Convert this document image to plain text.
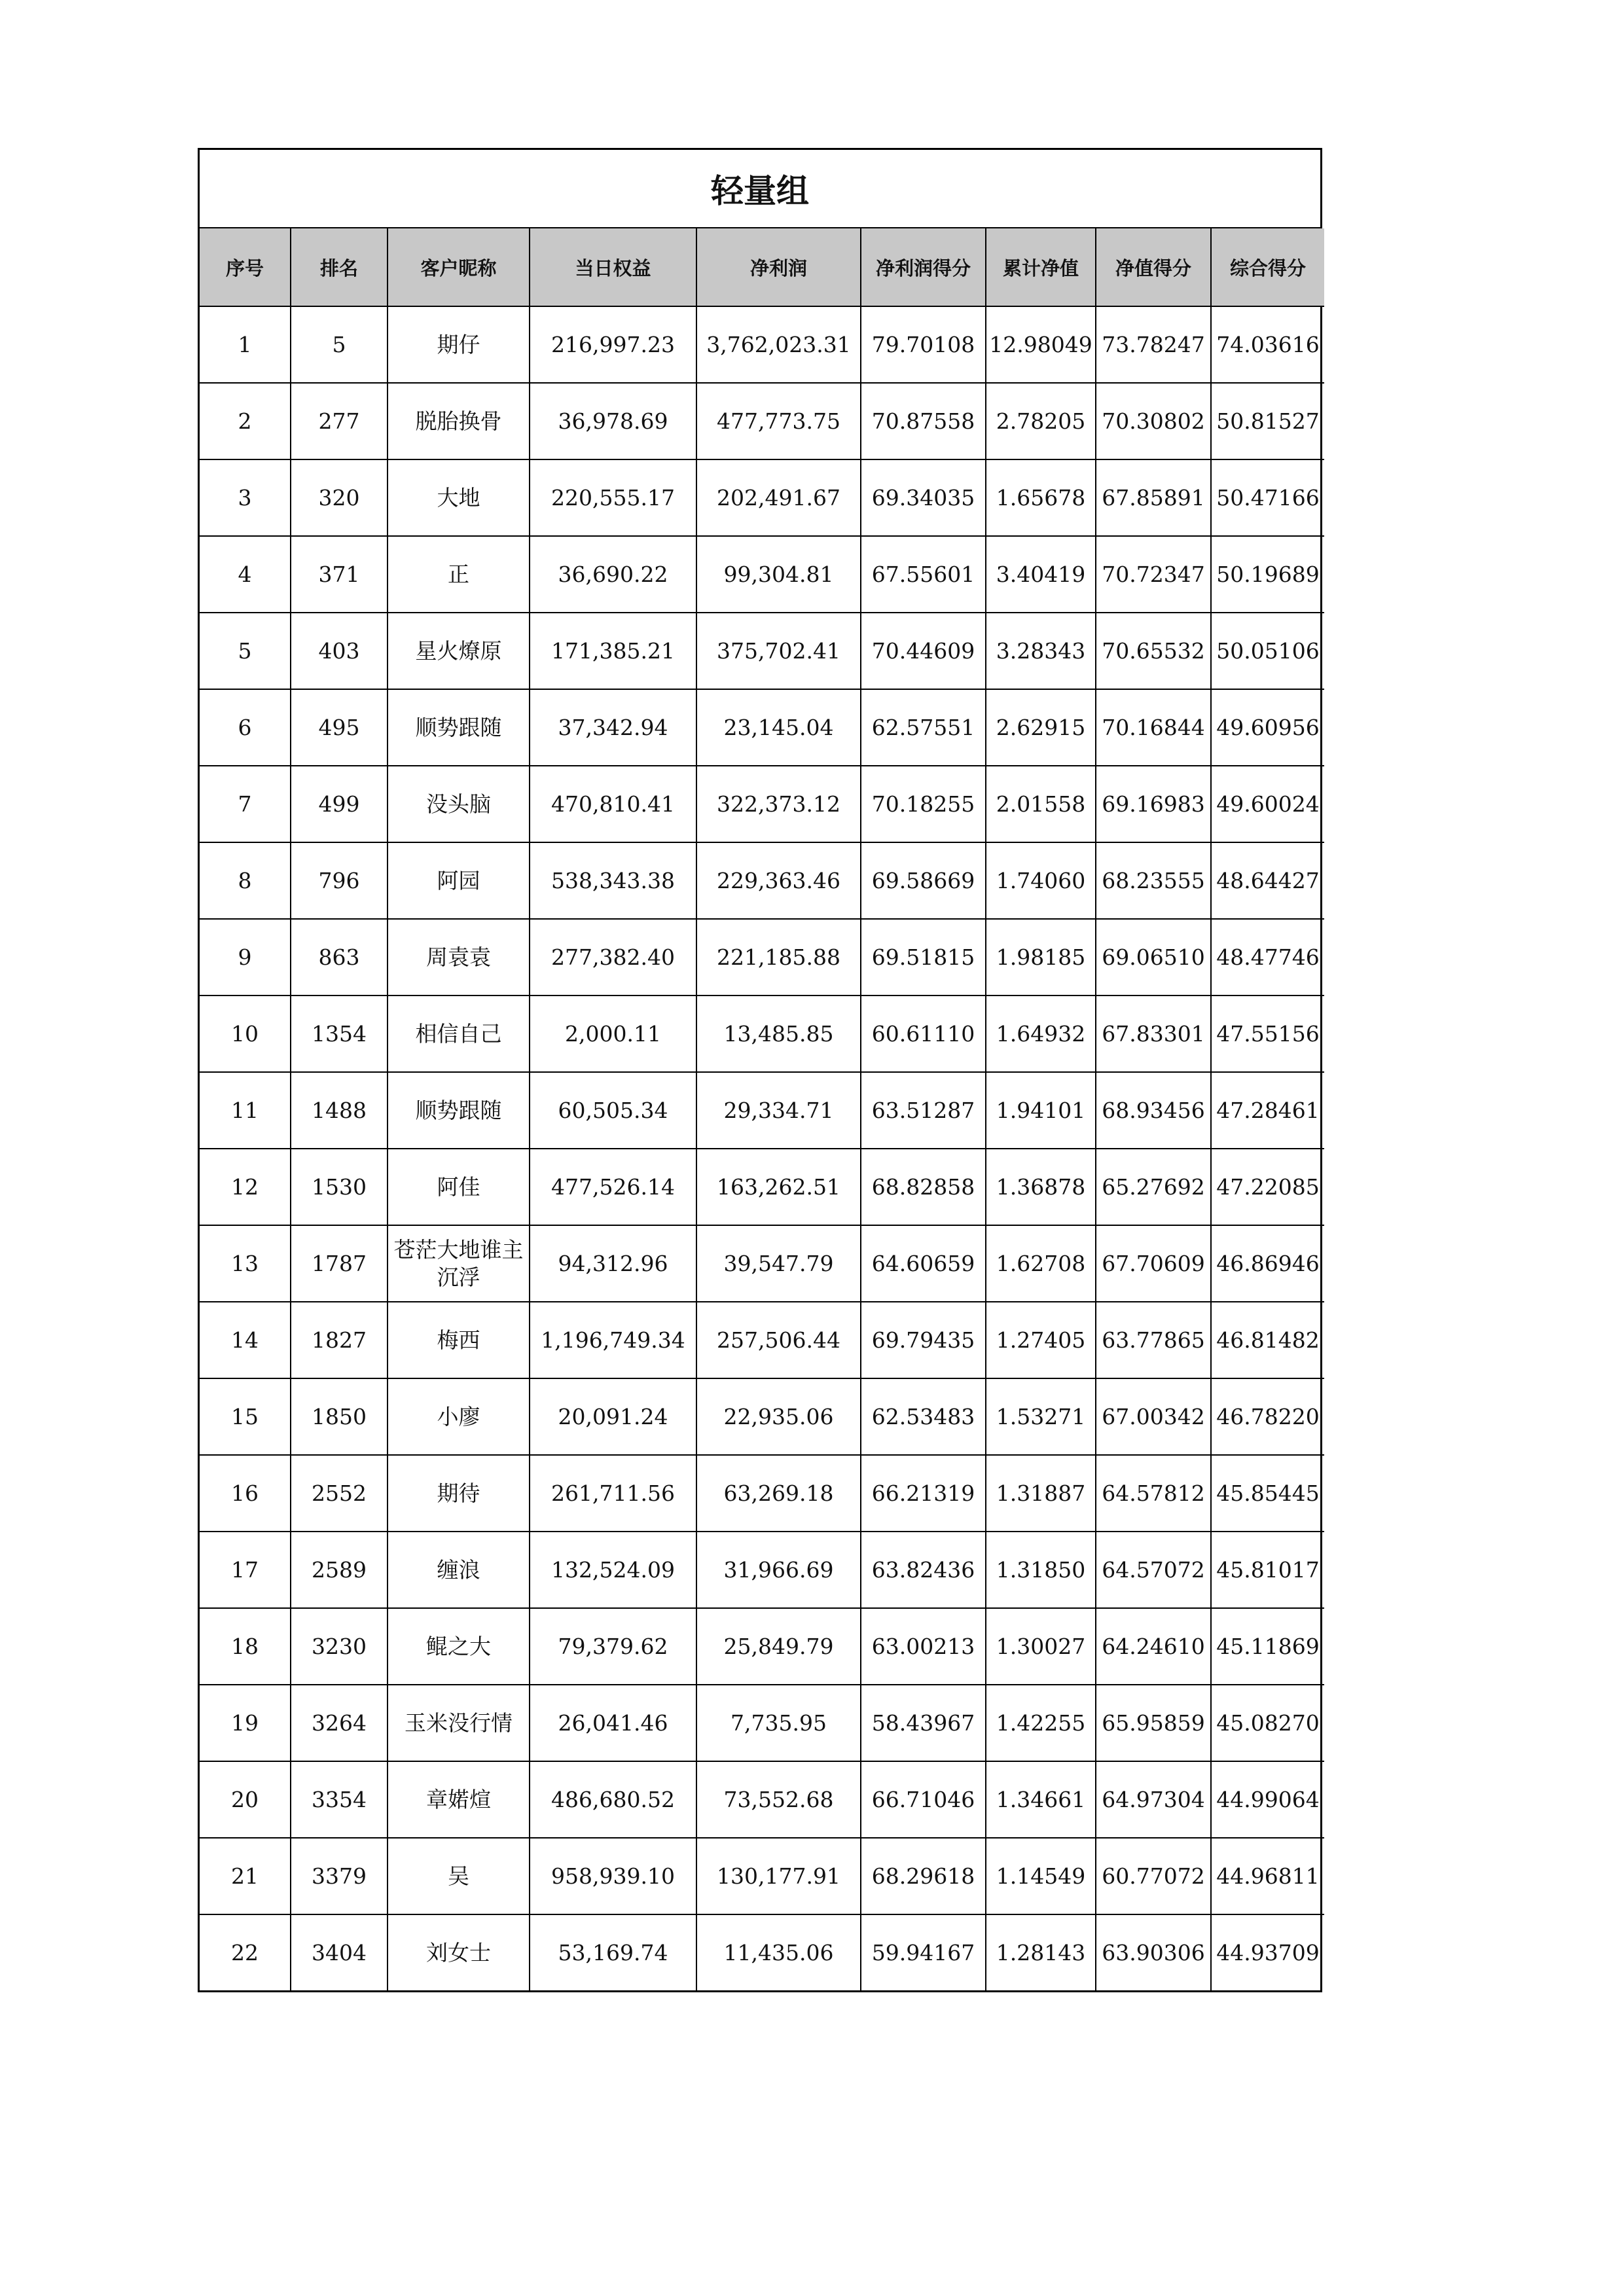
轻量组
序号	排名	客户昵称	当日权益	净利润	净利润得分	累计净值	净值得分	综合得分
1	5	期仔	216,997.23	3,762,023.31	79.70108	12.98049	73.78247	74.03616
2	277	脱胎换骨	36,978.69	477,773.75	70.87558	2.78205	70.30802	50.81527
3	320	大地	220,555.17	202,491.67	69.34035	1.65678	67.85891	50.47166
4	371	正	36,690.22	99,304.81	67.55601	3.40419	70.72347	50.19689
5	403	星火燎原	171,385.21	375,702.41	70.44609	3.28343	70.65532	50.05106
6	495	顺势跟随	37,342.94	23,145.04	62.57551	2.62915	70.16844	49.60956
7	499	没头脑	470,810.41	322,373.12	70.18255	2.01558	69.16983	49.60024
8	796	阿园	538,343.38	229,363.46	69.58669	1.74060	68.23555	48.64427
9	863	周袁袁	277,382.40	221,185.88	69.51815	1.98185	69.06510	48.47746
10	1354	相信自己	2,000.11	13,485.85	60.61110	1.64932	67.83301	47.55156
11	1488	顺势跟随	60,505.34	29,334.71	63.51287	1.94101	68.93456	47.28461
12	1530	阿佳	477,526.14	163,262.51	68.82858	1.36878	65.27692	47.22085
13	1787	苍茫大地谁主沉浮	94,312.96	39,547.79	64.60659	1.62708	67.70609	46.86946
14	1827	梅西	1,196,749.34	257,506.44	69.79435	1.27405	63.77865	46.81482
15	1850	小廖	20,091.24	22,935.06	62.53483	1.53271	67.00342	46.78220
16	2552	期待	261,711.56	63,269.18	66.21319	1.31887	64.57812	45.85445
17	2589	缠浪	132,524.09	31,966.69	63.82436	1.31850	64.57072	45.81017
18	3230	鲲之大	79,379.62	25,849.79	63.00213	1.30027	64.24610	45.11869
19	3264	玉米没行情	26,041.46	7,735.95	58.43967	1.42255	65.95859	45.08270
20	3354	章婼煊	486,680.52	73,552.68	66.71046	1.34661	64.97304	44.99064
21	3379	吴	958,939.10	130,177.91	68.29618	1.14549	60.77072	44.96811
22	3404	刘女士	53,169.74	11,435.06	59.94167	1.28143	63.90306	44.93709
